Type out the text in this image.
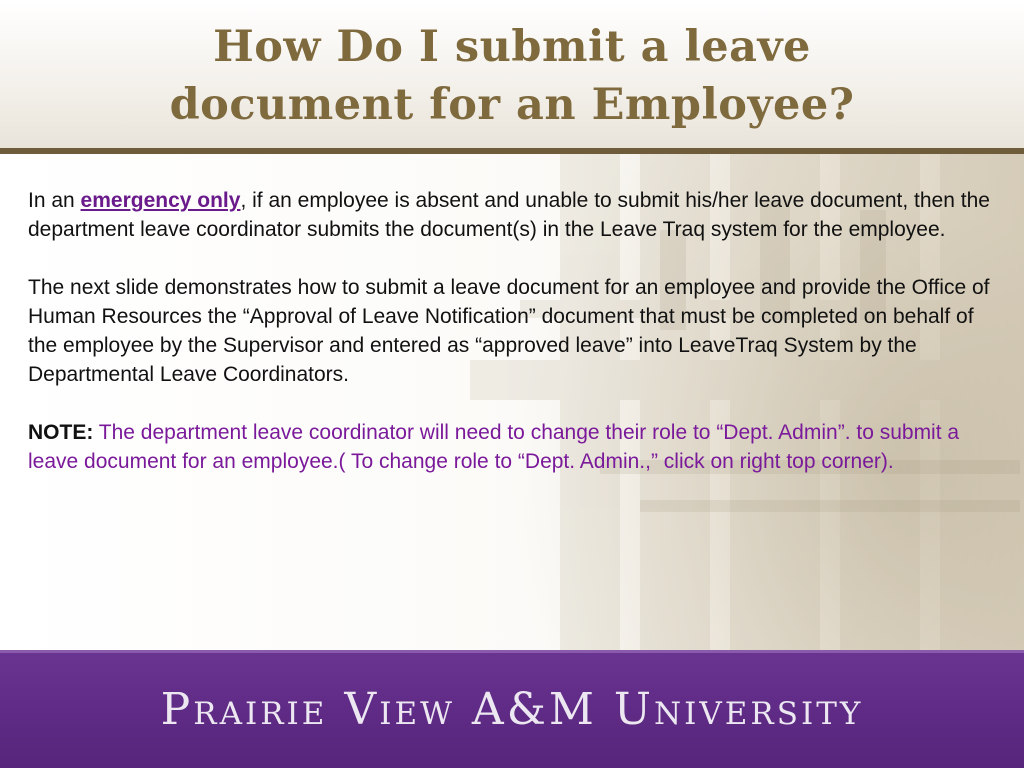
How Do I submit a leave
document for an Employee?

In an emergency only, if an employee is absent and unable to submit his/her leave document, then the department leave coordinator submits the document(s) in the Leave Traq system for the employee.

The next slide demonstrates how to submit a leave document for an employee and provide the Office of Human Resources the “Approval of Leave Notification” document that must be completed on behalf of the employee by the Supervisor and entered as “approved leave” into LeaveTraq System by the Departmental Leave Coordinators.

NOTE: The department leave coordinator will need to change their role to “Dept. Admin”. to submit a leave document for an employee.( To change role to “Dept. Admin.,” click on right top corner).

Prairie View A&M University
